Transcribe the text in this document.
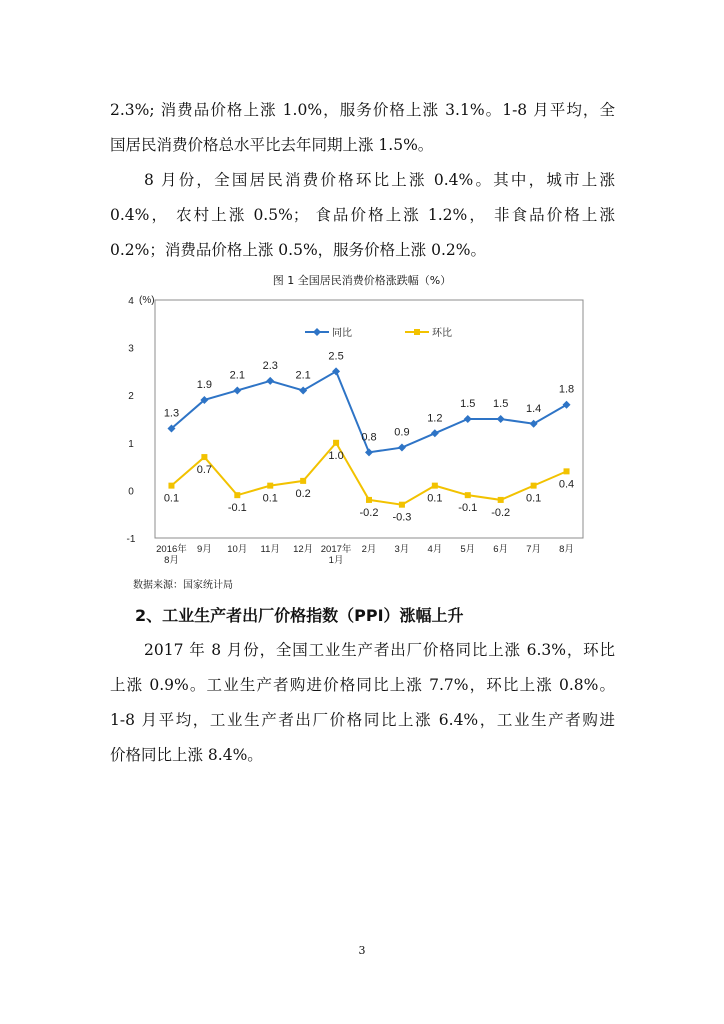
2.3%; 消费品价格上涨 1.0%，服务价格上涨 3.1%。1-8 月平均，全
国居民消费价格总水平比去年同期上涨 1.5%。
8 月份，全国居民消费价格环比上涨 0.4%。其中，城市上涨
0.4%， 农村上涨 0.5%； 食品价格上涨 1.2%， 非食品价格上涨
0.2%；消费品价格上涨 0.5%，服务价格上涨 0.2%。
图 1 全国居民消费价格涨跌幅（%）
(%)
-1
0
1
2
3
4
2016年
8月
9月 10月 11月 12月 2017年
1月
2月 3月 4月 5月 6月 7月 8月
同比	环比
1.3
1.9
2.1
2.3
2.1
2.5
0.8 0.9
1.2
1.5 1.5 1.4
1.8
0.1
0.7
-0.1
0.1 0.2
1.0
-0.2 -0.3
0.1
-0.1 -0.2
0.1
0.4
数据来源：国家统计局
2、工业生产者出厂价格指数（PPI）涨幅上升
2017 年 8 月份，全国工业生产者出厂价格同比上涨 6.3%，环比
上涨 0.9%。工业生产者购进价格同比上涨 7.7%，环比上涨 0.8%。
1-8 月平均，工业生产者出厂价格同比上涨 6.4%，工业生产者购进
价格同比上涨 8.4%。
3
